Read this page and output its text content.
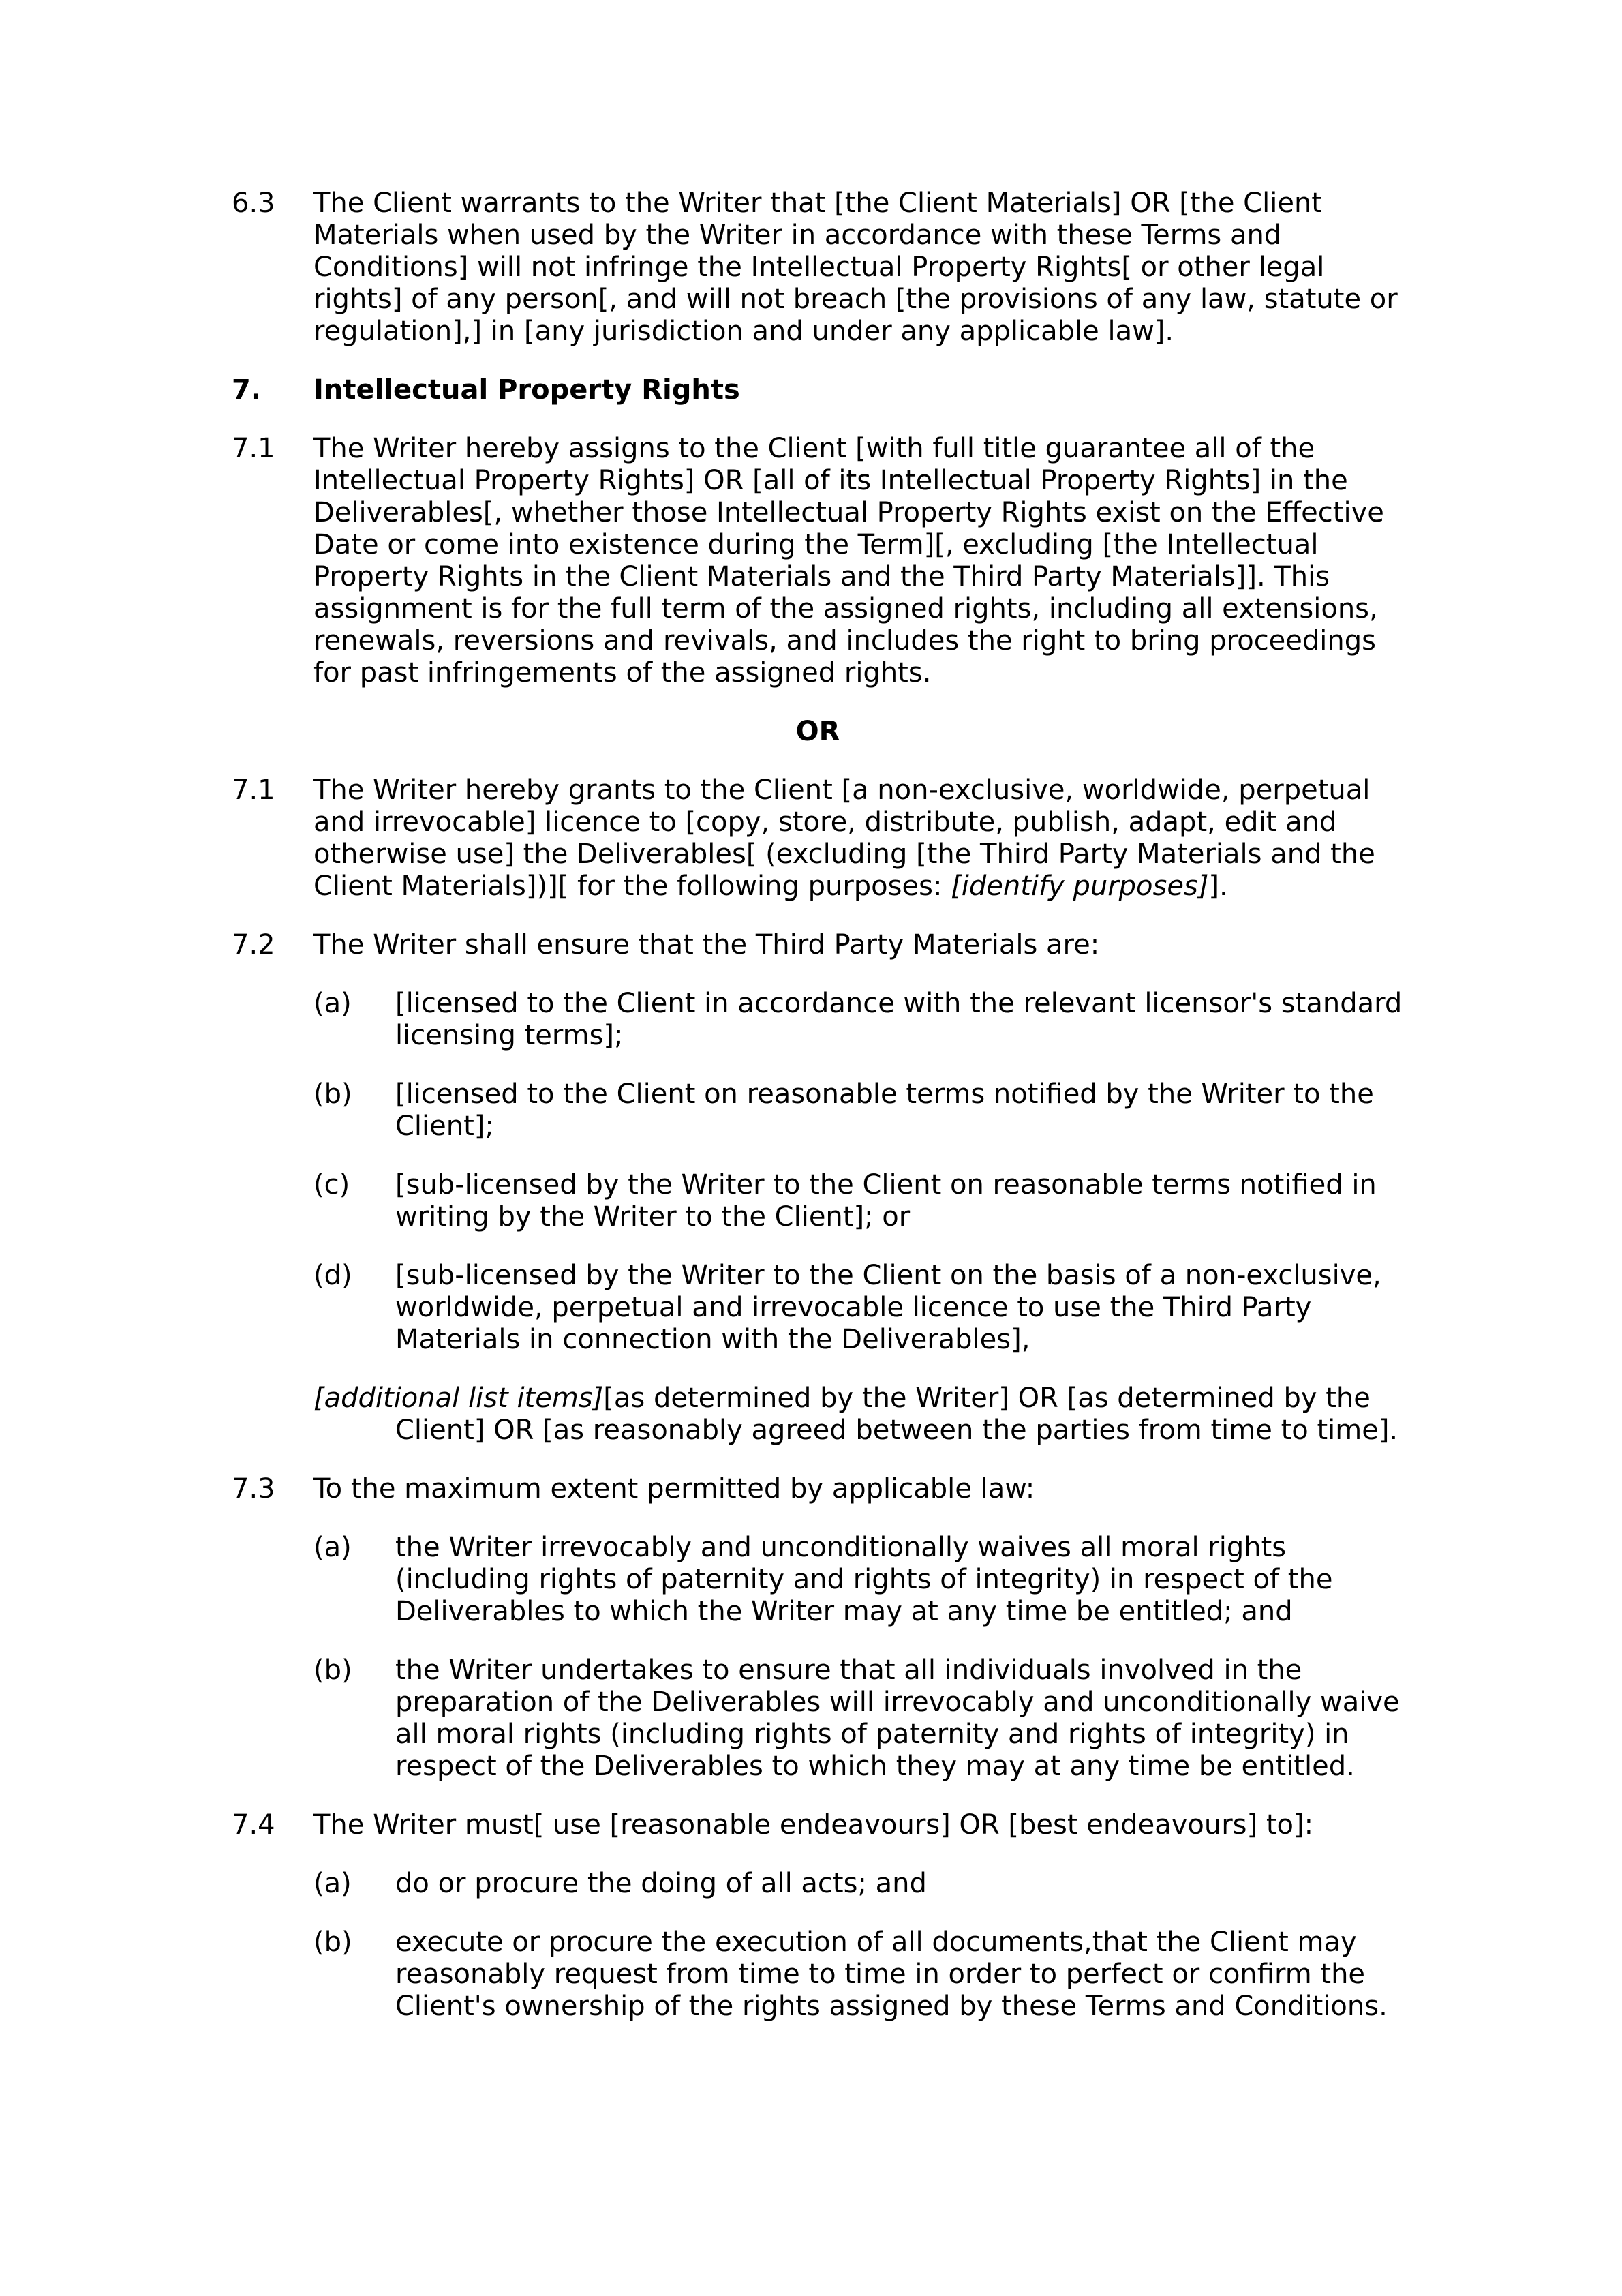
6.3 The Client warrants to the Writer that [the Client Materials] OR [the Client Materials when used by the Writer in accordance with these Terms and Conditions] will not infringe the Intellectual Property Rights[ or other legal rights] of any person[, and will not breach [the provisions of any law, statute or regulation],] in [any jurisdiction and under any applicable law].
7. Intellectual Property Rights
7.1 The Writer hereby assigns to the Client [with full title guarantee all of the Intellectual Property Rights] OR [all of its Intellectual Property Rights] in the Deliverables[, whether those Intellectual Property Rights exist on the Effective Date or come into existence during the Term][, excluding [the Intellectual Property Rights in the Client Materials and the Third Party Materials]]. This assignment is for the full term of the assigned rights, including all extensions, renewals, reversions and revivals, and includes the right to bring proceedings for past infringements of the assigned rights.
OR
7.1 The Writer hereby grants to the Client [a non-exclusive, worldwide, perpetual and irrevocable] licence to [copy, store, distribute, publish, adapt, edit and otherwise use] the Deliverables[ (excluding [the Third Party Materials and the Client Materials])][ for the following purposes: [identify purposes]].
7.2 The Writer shall ensure that the Third Party Materials are:
(a) [licensed to the Client in accordance with the relevant licensor's standard licensing terms];
(b) [licensed to the Client on reasonable terms notified by the Writer to the Client];
(c) [sub-licensed by the Writer to the Client on reasonable terms notified in writing by the Writer to the Client]; or
(d) [sub-licensed by the Writer to the Client on the basis of a non-exclusive, worldwide, perpetual and irrevocable licence to use the Third Party Materials in connection with the Deliverables],
[additional list items][as determined by the Writer] OR [as determined by the Client] OR [as reasonably agreed between the parties from time to time].
7.3 To the maximum extent permitted by applicable law:
(a) the Writer irrevocably and unconditionally waives all moral rights (including rights of paternity and rights of integrity) in respect of the Deliverables to which the Writer may at any time be entitled; and
(b) the Writer undertakes to ensure that all individuals involved in the preparation of the Deliverables will irrevocably and unconditionally waive all moral rights (including rights of paternity and rights of integrity) in respect of the Deliverables to which they may at any time be entitled.
7.4 The Writer must[ use [reasonable endeavours] OR [best endeavours] to]:
(a) do or procure the doing of all acts; and
(b) execute or procure the execution of all documents,that the Client may reasonably request from time to time in order to perfect or confirm the Client's ownership of the rights assigned by these Terms and Conditions.
